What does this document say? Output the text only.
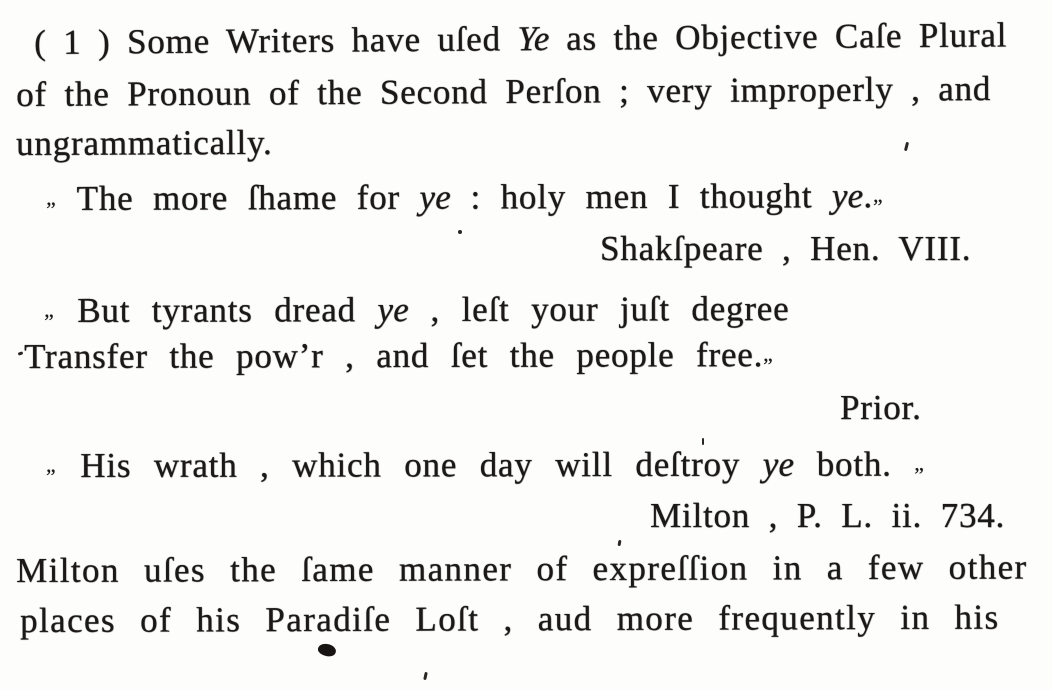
( 1 ) Some Writers have uſed Ye as the Objective Caſe Plural
of the Pronoun of the Second Perſon ; very improperly , and
ungrammatically.
„ The more ſhame for ye : holy men I thought ye.„
Shakſpeare , Hen. VIII.
„ But tyrants dread ye , leſt your juſt degree
Transfer the pow’r , and ſet the people free.„
Prior.
„ His wrath , which one day will deſtroy ye both. „
Milton , P. L. ii. 734.
Milton uſes the ſame manner of expreſſion in a few other
places of his Paradiſe Loſt , aud more frequently in his
